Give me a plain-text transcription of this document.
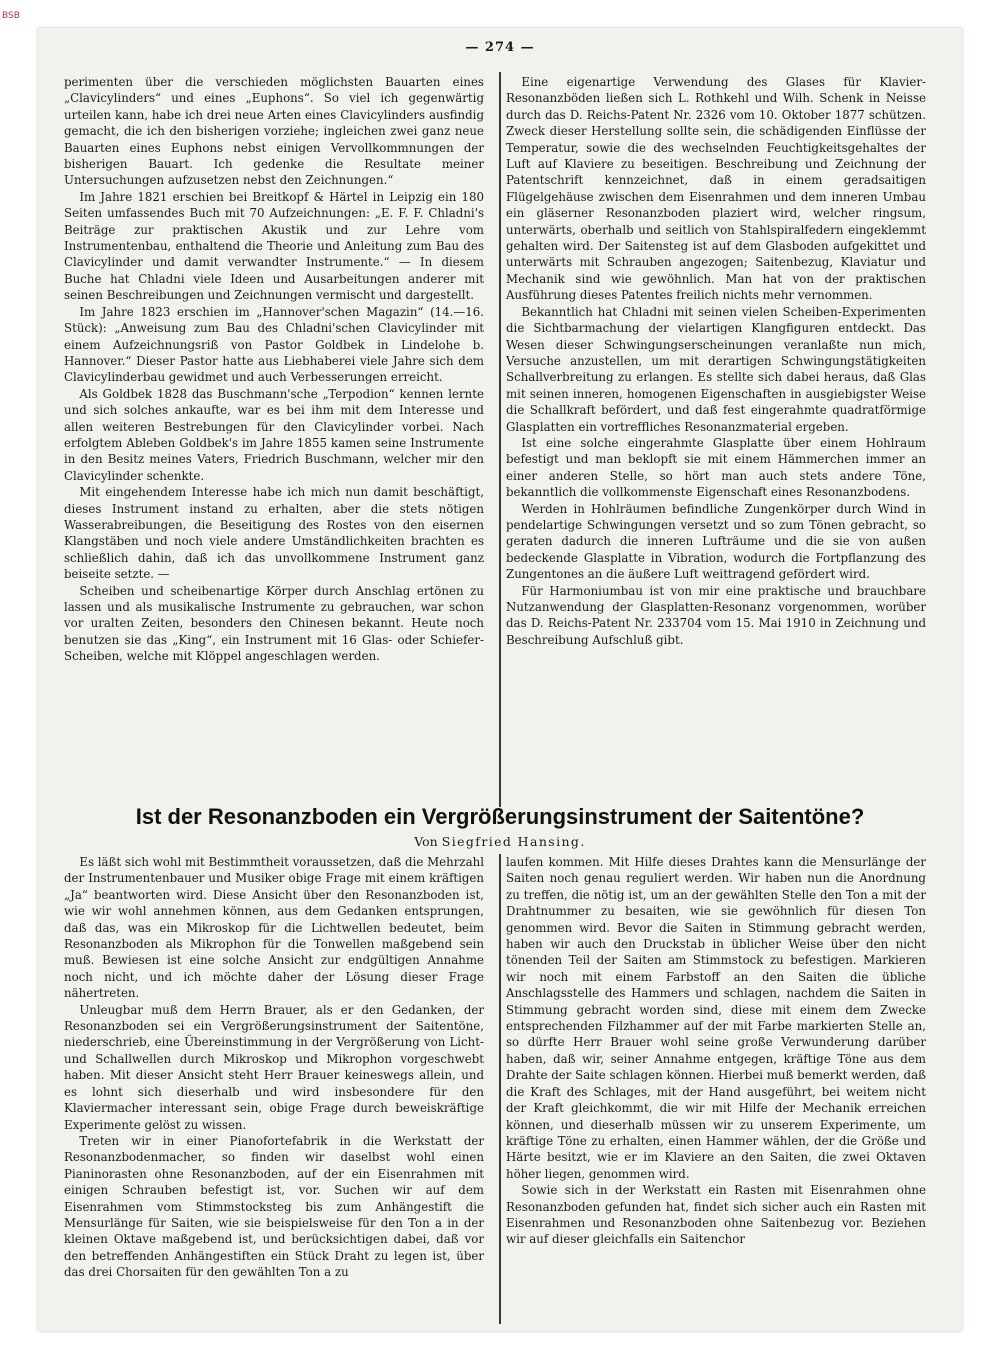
BSB
— 274 —

perimenten über die verschieden möglichsten Bauarten eines „Clavicylinders“ und eines „Euphons“. So viel ich gegenwärtig urteilen kann, habe ich drei neue Arten eines Clavicylinders ausfindig gemacht, die ich den bisherigen vorziehe; ingleichen zwei ganz neue Bauarten eines Euphons nebst einigen Vervollkommnungen der bisherigen Bauart. Ich gedenke die Resultate meiner Untersuchungen aufzusetzen nebst den Zeichnungen.“

Im Jahre 1821 erschien bei Breitkopf & Härtel in Leipzig ein 180 Seiten umfassendes Buch mit 70 Aufzeichnungen: „E. F. F. Chladni's Beiträge zur praktischen Akustik und zur Lehre vom Instrumentenbau, enthaltend die Theorie und Anleitung zum Bau des Clavicylinder und damit verwandter Instrumente.“ — In diesem Buche hat Chladni viele Ideen und Ausarbeitungen anderer mit seinen Beschreibungen und Zeichnungen vermischt und dargestellt.

Im Jahre 1823 erschien im „Hannover'schen Magazin“ (14.—16. Stück): „Anweisung zum Bau des Chladni'schen Clavicylinder mit einem Aufzeichnungsriß von Pastor Goldbek in Lindelohe b. Hannover.“ Dieser Pastor hatte aus Liebhaberei viele Jahre sich dem Clavicylinderbau gewidmet und auch Verbesserungen erreicht.

Als Goldbek 1828 das Buschmann'sche „Terpodion“ kennen lernte und sich solches ankaufte, war es bei ihm mit dem Interesse und allen weiteren Bestrebungen für den Clavicylinder vorbei. Nach erfolgtem Ableben Goldbek's im Jahre 1855 kamen seine Instrumente in den Besitz meines Vaters, Friedrich Buschmann, welcher mir den Clavicylinder schenkte.

Mit eingehendem Interesse habe ich mich nun damit beschäftigt, dieses Instrument instand zu erhalten, aber die stets nötigen Wasserabreibungen, die Beseitigung des Rostes von den eisernen Klangstäben und noch viele andere Umständlichkeiten brachten es schließlich dahin, daß ich das unvollkommene Instrument ganz beiseite setzte. —

Scheiben und scheibenartige Körper durch Anschlag ertönen zu lassen und als musikalische Instrumente zu gebrauchen, war schon vor uralten Zeiten, besonders den Chinesen bekannt. Heute noch benutzen sie das „King“, ein Instrument mit 16 Glas- oder Schiefer-Scheiben, welche mit Klöppel angeschlagen werden.

Eine eigenartige Verwendung des Glases für Klavier-Resonanzböden ließen sich L. Rothkehl und Wilh. Schenk in Neisse durch das D. Reichs-Patent Nr. 2326 vom 10. Oktober 1877 schützen. Zweck dieser Herstellung sollte sein, die schädigenden Einflüsse der Temperatur, sowie die des wechselnden Feuchtigkeitsgehaltes der Luft auf Klaviere zu beseitigen. Beschreibung und Zeichnung der Patentschrift kennzeichnet, daß in einem geradsaitigen Flügelgehäuse zwischen dem Eisenrahmen und dem inneren Umbau ein gläserner Resonanzboden plaziert wird, welcher ringsum, unterwärts, oberhalb und seitlich von Stahlspiralfedern eingeklemmt gehalten wird. Der Saitensteg ist auf dem Glasboden aufgekittet und unterwärts mit Schrauben angezogen; Saitenbezug, Klaviatur und Mechanik sind wie gewöhnlich. Man hat von der praktischen Ausführung dieses Patentes freilich nichts mehr vernommen.

Bekanntlich hat Chladni mit seinen vielen Scheiben-Experimenten die Sichtbarmachung der vielartigen Klangfiguren entdeckt. Das Wesen dieser Schwingungserscheinungen veranlaßte nun mich, Versuche anzustellen, um mit derartigen Schwingungstätigkeiten Schallverbreitung zu erlangen. Es stellte sich dabei heraus, daß Glas mit seinen inneren, homogenen Eigenschaften in ausgiebigster Weise die Schallkraft befördert, und daß fest eingerahmte quadratförmige Glasplatten ein vortreffliches Resonanzmaterial ergeben.

Ist eine solche eingerahmte Glasplatte über einem Hohlraum befestigt und man beklopft sie mit einem Hämmerchen immer an einer anderen Stelle, so hört man auch stets andere Töne, bekanntlich die vollkommenste Eigenschaft eines Resonanzbodens.

Werden in Hohlräumen befindliche Zungenkörper durch Wind in pendelartige Schwingungen versetzt und so zum Tönen gebracht, so geraten dadurch die inneren Lufträume und die sie von außen bedeckende Glasplatte in Vibration, wodurch die Fortpflanzung des Zungentones an die äußere Luft weittragend gefördert wird.

Für Harmoniumbau ist von mir eine praktische und brauchbare Nutzanwendung der Glasplatten-Resonanz vorgenommen, worüber das D. Reichs-Patent Nr. 233704 vom 15. Mai 1910 in Zeichnung und Beschreibung Aufschluß gibt.

Ist der Resonanzboden ein Vergrößerungsinstrument der Saitentöne?
Von Siegfried Hansing.

Es läßt sich wohl mit Bestimmtheit voraussetzen, daß die Mehrzahl der Instrumentenbauer und Musiker obige Frage mit einem kräftigen „Ja“ beantworten wird. Diese Ansicht über den Resonanzboden ist, wie wir wohl annehmen können, aus dem Gedanken entsprungen, daß das, was ein Mikroskop für die Lichtwellen bedeutet, beim Resonanzboden als Mikrophon für die Tonwellen maßgebend sein muß. Bewiesen ist eine solche Ansicht zur endgültigen Annahme noch nicht, und ich möchte daher der Lösung dieser Frage nähertreten.

Unleugbar muß dem Herrn Brauer, als er den Gedanken, der Resonanzboden sei ein Vergrößerungsinstrument der Saitentöne, niederschrieb, eine Übereinstimmung in der Vergrößerung von Licht- und Schallwellen durch Mikroskop und Mikrophon vorgeschwebt haben. Mit dieser Ansicht steht Herr Brauer keineswegs allein, und es lohnt sich dieserhalb und wird insbesondere für den Klaviermacher interessant sein, obige Frage durch beweiskräftige Experimente gelöst zu wissen.

Treten wir in einer Pianofortefabrik in die Werkstatt der Resonanzbodenmacher, so finden wir daselbst wohl einen Pianinorasten ohne Resonanzboden, auf der ein Eisenrahmen mit einigen Schrauben befestigt ist, vor. Suchen wir auf dem Eisenrahmen vom Stimmstocksteg bis zum Anhängestift die Mensurlänge für Saiten, wie sie beispielsweise für den Ton a in der kleinen Oktave maßgebend ist, und berücksichtigen dabei, daß vor den betreffenden Anhängestiften ein Stück Draht zu legen ist, über das drei Chorsaiten für den gewählten Ton a zu

laufen kommen. Mit Hilfe dieses Drahtes kann die Mensurlänge der Saiten noch genau reguliert werden. Wir haben nun die Anordnung zu treffen, die nötig ist, um an der gewählten Stelle den Ton a mit der Drahtnummer zu besaiten, wie sie gewöhnlich für diesen Ton genommen wird. Bevor die Saiten in Stimmung gebracht werden, haben wir auch den Druckstab in üblicher Weise über den nicht tönenden Teil der Saiten am Stimmstock zu befestigen. Markieren wir noch mit einem Farbstoff an den Saiten die übliche Anschlagsstelle des Hammers und schlagen, nachdem die Saiten in Stimmung gebracht worden sind, diese mit einem dem Zwecke entsprechenden Filzhammer auf der mit Farbe markierten Stelle an, so dürfte Herr Brauer wohl seine große Verwunderung darüber haben, daß wir, seiner Annahme entgegen, kräftige Töne aus dem Drahte der Saite schlagen können. Hierbei muß bemerkt werden, daß die Kraft des Schlages, mit der Hand ausgeführt, bei weitem nicht der Kraft gleichkommt, die wir mit Hilfe der Mechanik erreichen können, und dieserhalb müssen wir zu unserem Experimente, um kräftige Töne zu erhalten, einen Hammer wählen, der die Größe und Härte besitzt, wie er im Klaviere an den Saiten, die zwei Oktaven höher liegen, genommen wird.

Sowie sich in der Werkstatt ein Rasten mit Eisenrahmen ohne Resonanzboden gefunden hat, findet sich sicher auch ein Rasten mit Eisenrahmen und Resonanzboden ohne Saitenbezug vor. Beziehen wir auf dieser gleichfalls ein Saitenchor
